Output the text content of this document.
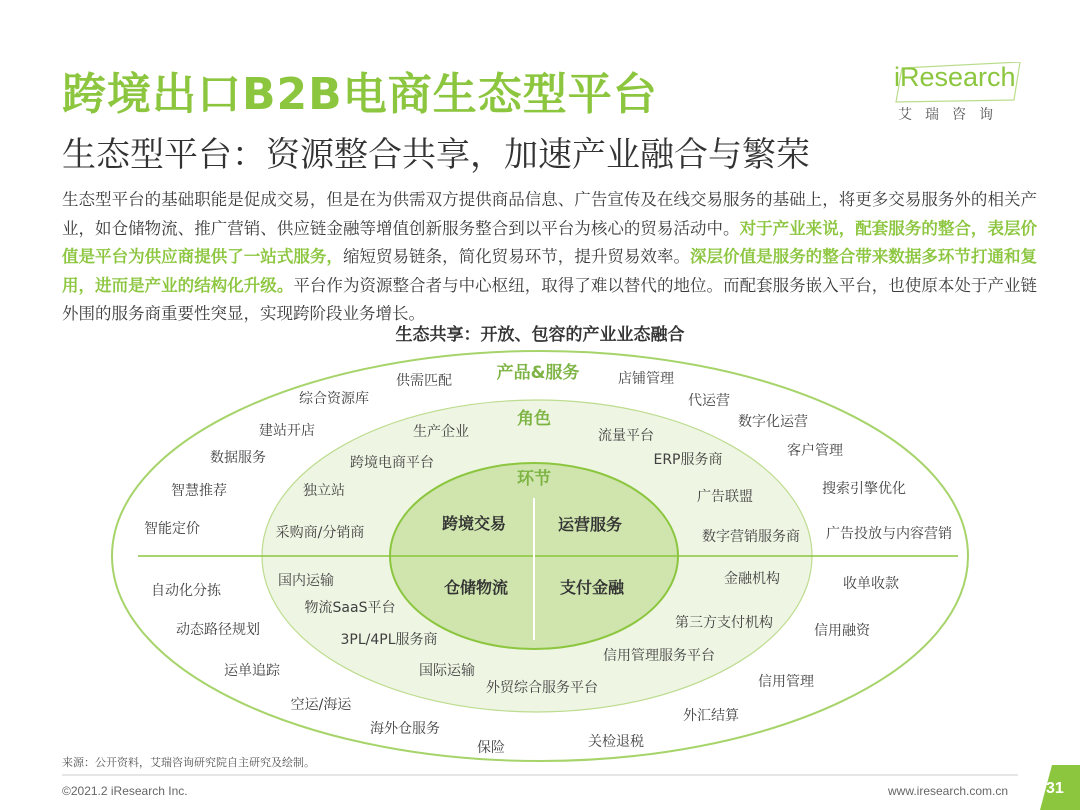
跨境出口B2B电商生态型平台
生态型平台：资源整合共享，加速产业融合与繁荣
iResearch
艾瑞咨询
生态型平台的基础职能是促成交易，但是在为供需双方提供商品信息、广告宣传及在线交易服务的基础上，将更多交易服务外的相关产业，如仓储物流、推广营销、供应链金融等增值创新服务整合到以平台为核心的贸易活动中。对于产业来说，配套服务的整合，表层价值是平台为供应商提供了一站式服务，缩短贸易链条，简化贸易环节，提升贸易效率。深层价值是服务的整合带来数据多环节打通和复用，进而是产业的结构化升级。平台作为资源整合者与中心枢纽，取得了难以替代的地位。而配套服务嵌入平台，也使原本处于产业链外围的服务商重要性突显，实现跨阶段业务增长。
生态共享：开放、包容的产业业态融合
产品&服务
角色
环节
跨境交易	运营服务
仓储物流	支付金融
生产企业	流量平台
跨境电商平台	ERP服务商
独立站	广告联盟
采购商/分销商	数字营销服务商
国内运输	金融机构
物流SaaS平台
第三方支付机构
3PL/4PL服务商
信用管理服务平台
国际运输
外贸综合服务平台
供需匹配	店铺管理
综合资源库	代运营
数字化运营
建站开店
客户管理
数据服务
搜索引擎优化
智慧推荐
智能定价	广告投放与内容营销
自动化分拣	收单收款
动态路径规划	信用融资
运单追踪
信用管理
空运/海运
外汇结算
海外仓服务
保险	关检退税
来源：公开资料，艾瑞咨询研究院自主研究及绘制。
©2021.2 iResearch Inc.	www.iresearch.com.cn 31
